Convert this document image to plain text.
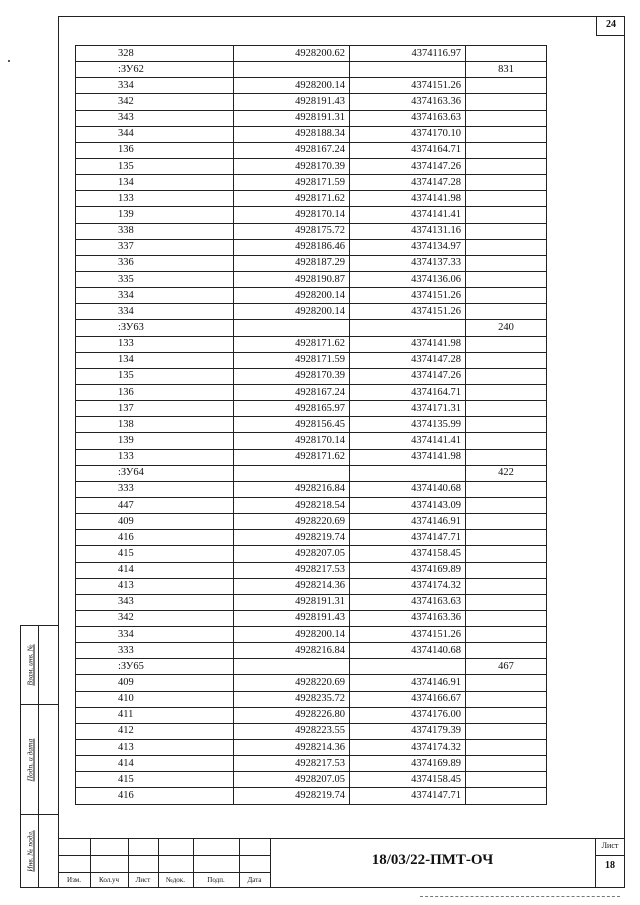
24
328	4928200.62	4374116.97	
:ЗУ62			831
334	4928200.14	4374151.26	
342	4928191.43	4374163.36	
343	4928191.31	4374163.63	
344	4928188.34	4374170.10	
136	4928167.24	4374164.71	
135	4928170.39	4374147.26	
134	4928171.59	4374147.28	
133	4928171.62	4374141.98	
139	4928170.14	4374141.41	
338	4928175.72	4374131.16	
337	4928186.46	4374134.97	
336	4928187.29	4374137.33	
335	4928190.87	4374136.06	
334	4928200.14	4374151.26	
334	4928200.14	4374151.26	
:ЗУ63			240
133	4928171.62	4374141.98	
134	4928171.59	4374147.28	
135	4928170.39	4374147.26	
136	4928167.24	4374164.71	
137	4928165.97	4374171.31	
138	4928156.45	4374135.99	
139	4928170.14	4374141.41	
133	4928171.62	4374141.98	
:ЗУ64			422
333	4928216.84	4374140.68	
447	4928218.54	4374143.09	
409	4928220.69	4374146.91	
416	4928219.74	4374147.71	
415	4928207.05	4374158.45	
414	4928217.53	4374169.89	
413	4928214.36	4374174.32	
343	4928191.31	4374163.63	
342	4928191.43	4374163.36	
334	4928200.14	4374151.26	
333	4928216.84	4374140.68	
:ЗУ65			467
409	4928220.69	4374146.91	
410	4928235.72	4374166.67	
411	4928226.80	4374176.00	
412	4928223.55	4374179.39	
413	4928214.36	4374174.32	
414	4928217.53	4374169.89	
415	4928207.05	4374158.45	
416	4928219.74	4374147.71	
Взам. инв. №
Подп. и дата
Инв. № подл.
Изм.	Кол.уч	Лист	№док.	Подп.	Дата
18/03/22-ПМТ-ОЧ
Лист
18
